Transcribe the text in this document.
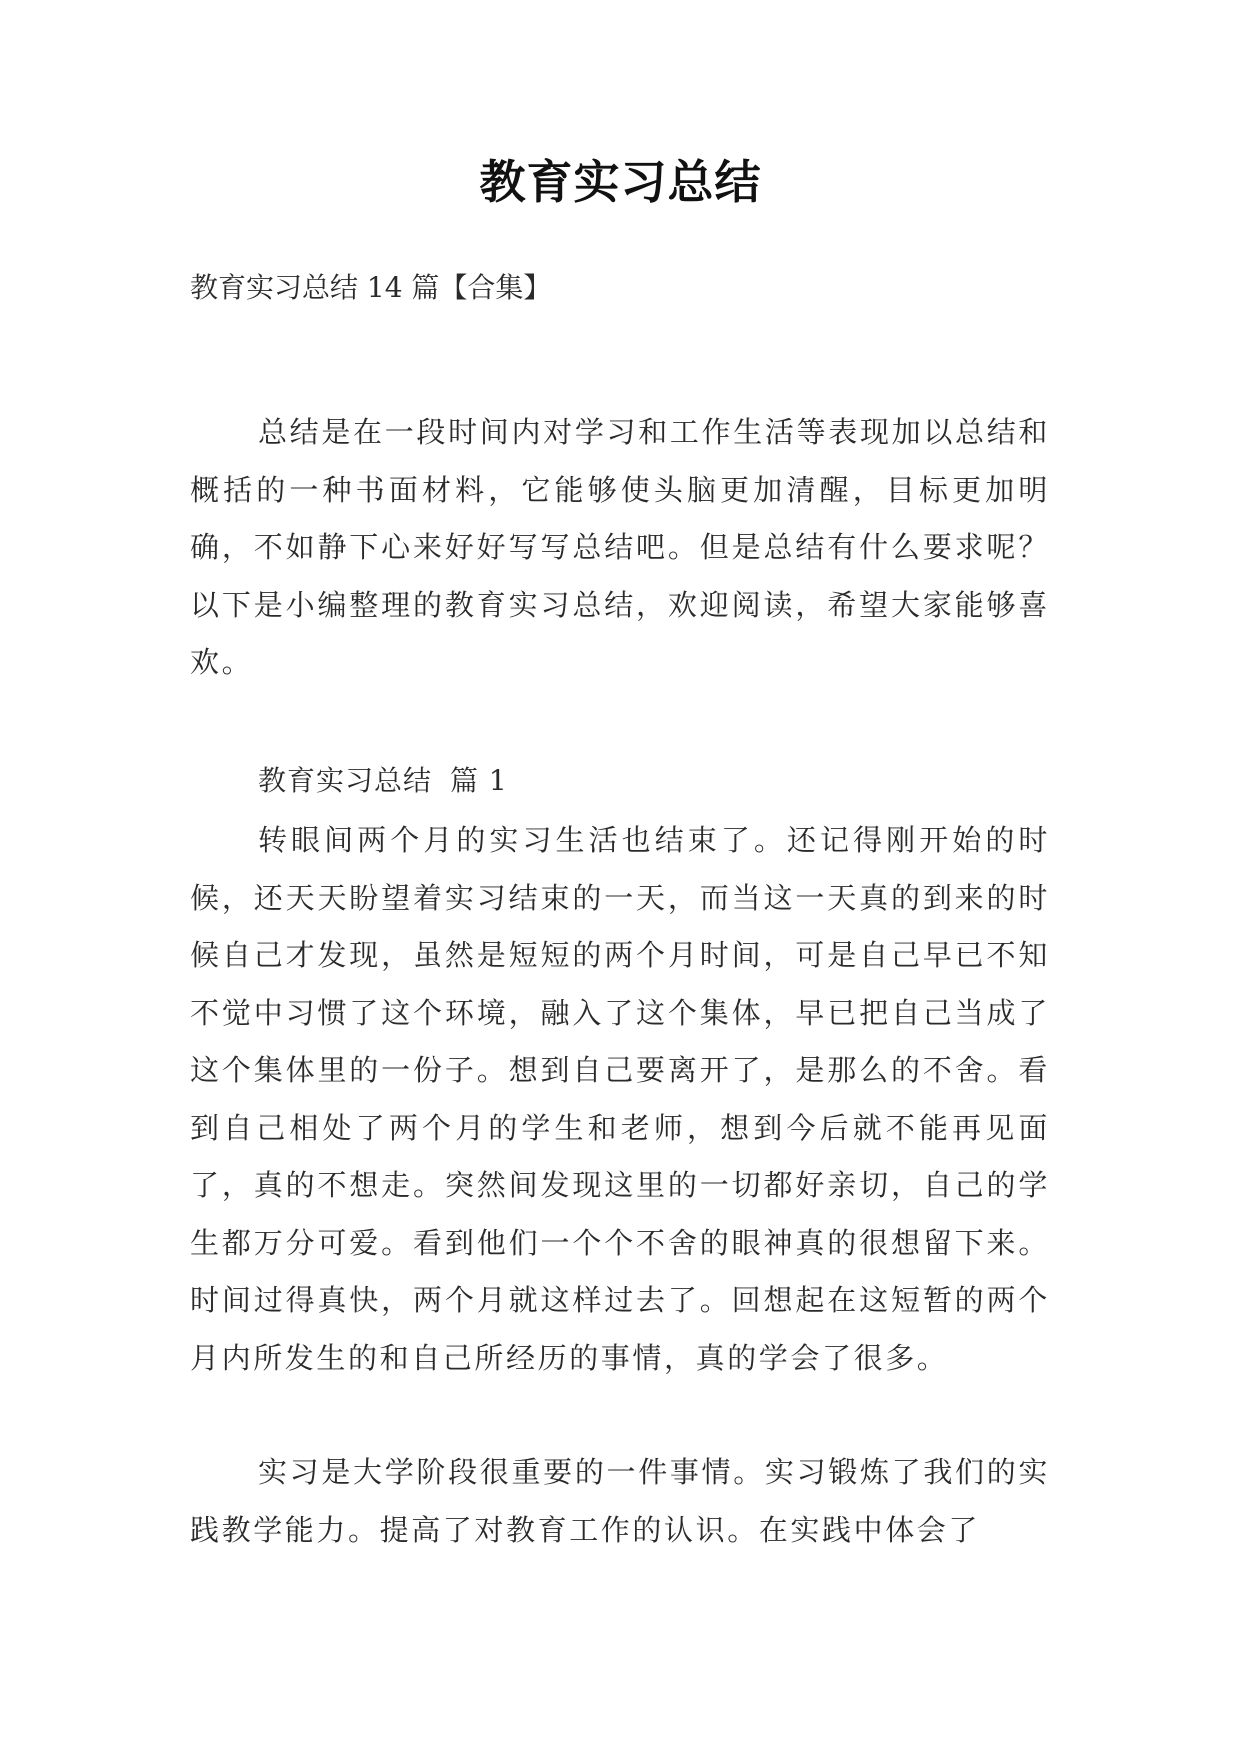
教育实习总结
教育实习总结 14 篇【合集】

总结是在一段时间内对学习和工作生活等表现加以总结和概括的一种书面材料，它能够使头脑更加清醒，目标更加明确，不如静下心来好好写写总结吧。但是总结有什么要求呢？以下是小编整理的教育实习总结，欢迎阅读，希望大家能够喜欢。

教育实习总结 篇 1

转眼间两个月的实习生活也结束了。还记得刚开始的时候，还天天盼望着实习结束的一天，而当这一天真的到来的时候自己才发现，虽然是短短的两个月时间，可是自己早已不知不觉中习惯了这个环境，融入了这个集体，早已把自己当成了这个集体里的一份子。想到自己要离开了，是那么的不舍。看到自己相处了两个月的学生和老师，想到今后就不能再见面了，真的不想走。突然间发现这里的一切都好亲切，自己的学生都万分可爱。看到他们一个个不舍的眼神真的很想留下来。时间过得真快，两个月就这样过去了。回想起在这短暂的两个月内所发生的和自己所经历的事情，真的学会了很多。

实习是大学阶段很重要的一件事情。实习锻炼了我们的实践教学能力。提高了对教育工作的认识。在实践中体会了
